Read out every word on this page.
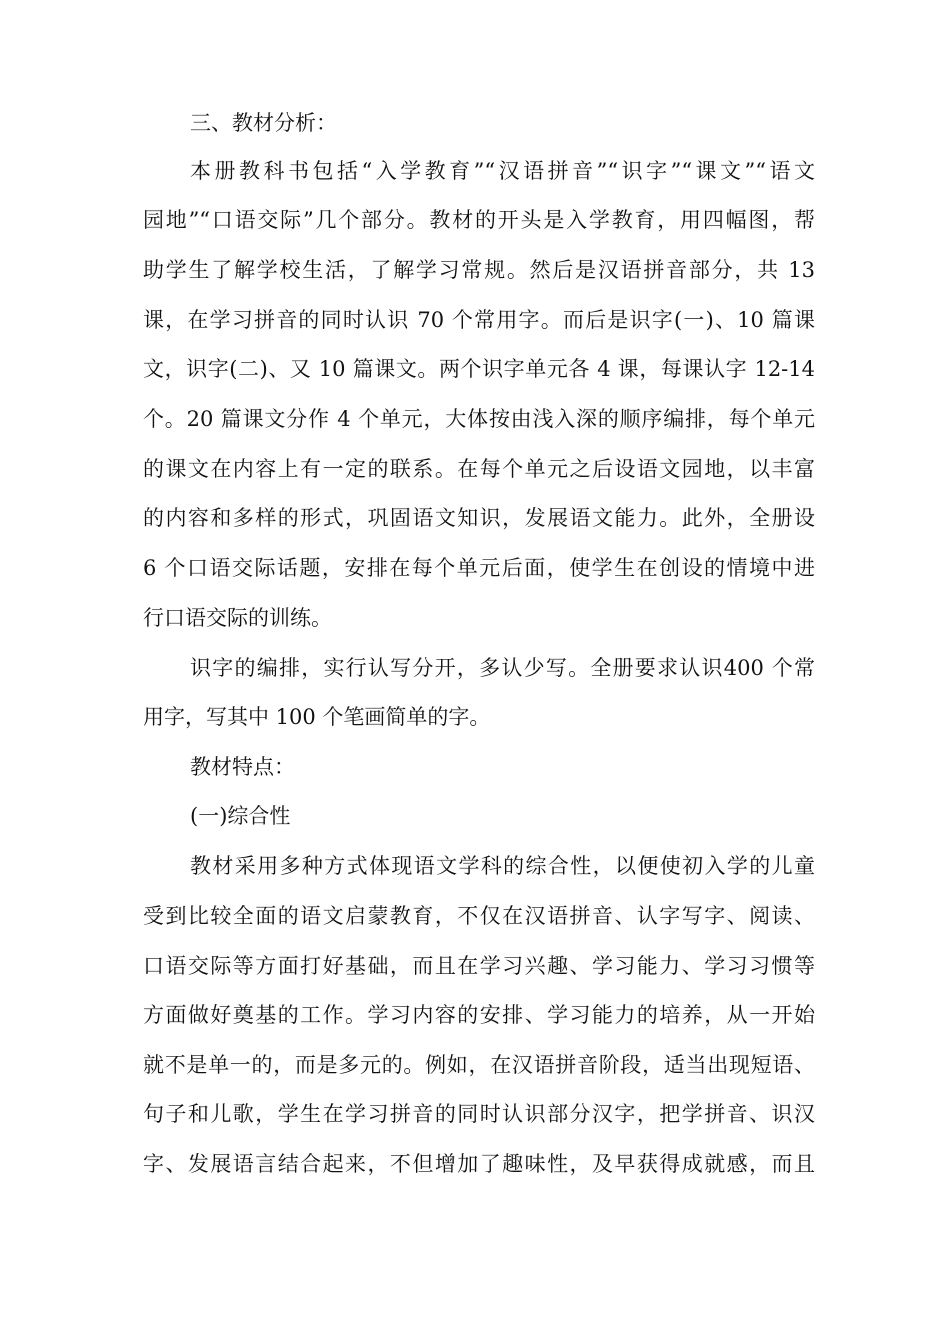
三、教材分析：
本册教科书包括“入学教育”“汉语拼音”“识字”“课文”“语文
园地”“口语交际”几个部分。教材的开头是入学教育，用四幅图，帮
助学生了解学校生活，了解学习常规。然后是汉语拼音部分，共 13
课，在学习拼音的同时认识 70 个常用字。而后是识字(一)、10 篇课
文，识字(二)、又 10 篇课文。两个识字单元各 4 课，每课认字 12-14
个。20 篇课文分作 4 个单元，大体按由浅入深的顺序编排，每个单元
的课文在内容上有一定的联系。在每个单元之后设语文园地，以丰富
的内容和多样的形式，巩固语文知识，发展语文能力。此外，全册设
6 个口语交际话题，安排在每个单元后面，使学生在创设的情境中进
行口语交际的训练。
识字的编排，实行认写分开，多认少写。全册要求认识400 个常
用字，写其中 100 个笔画简单的字。
教材特点：
(一)综合性
教材采用多种方式体现语文学科的综合性，以便使初入学的儿童
受到比较全面的语文启蒙教育，不仅在汉语拼音、认字写字、阅读、
口语交际等方面打好基础，而且在学习兴趣、学习能力、学习习惯等
方面做好奠基的工作。学习内容的安排、学习能力的培养，从一开始
就不是单一的，而是多元的。例如，在汉语拼音阶段，适当出现短语、
句子和儿歌，学生在学习拼音的同时认识部分汉字，把学拼音、识汉
字、发展语言结合起来，不但增加了趣味性，及早获得成就感，而且
